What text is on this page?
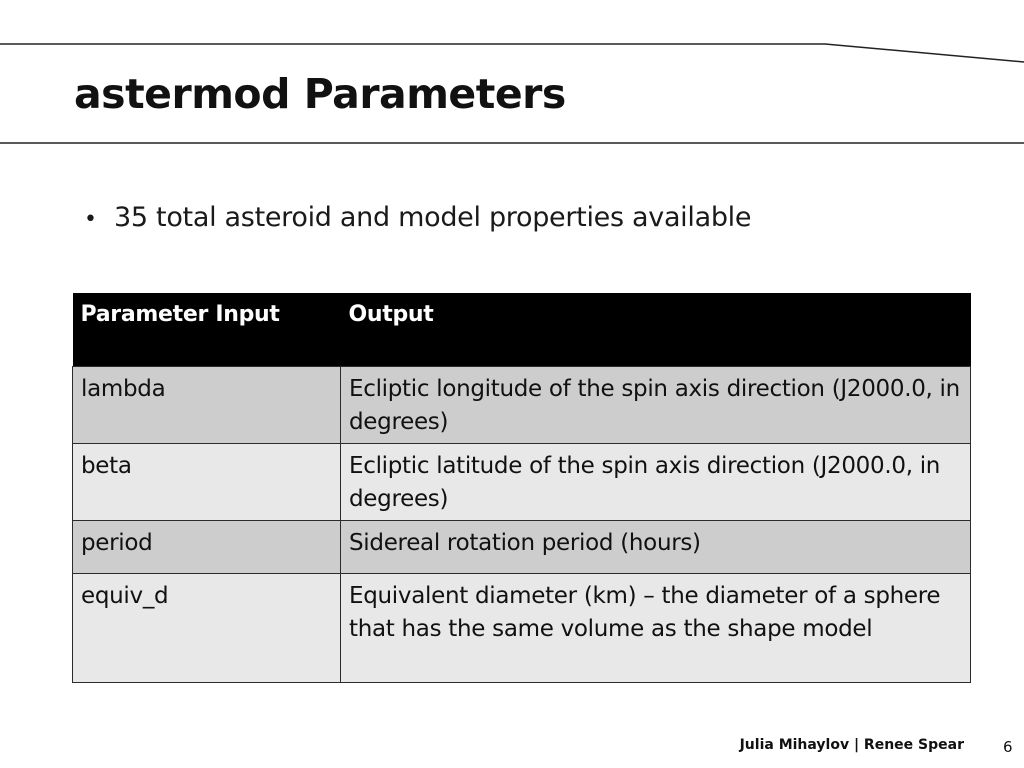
astermod Parameters
• 35 total asteroid and model properties available
Parameter Input	Output
lambda	Ecliptic longitude of the spin axis direction (J2000.0, in degrees)
beta	Ecliptic latitude of the spin axis direction (J2000.0, in degrees)
period	Sidereal rotation period (hours)
equiv_d	Equivalent diameter (km) – the diameter of a sphere that has the same volume as the shape model
Julia Mihaylov | Renee Spear	6
